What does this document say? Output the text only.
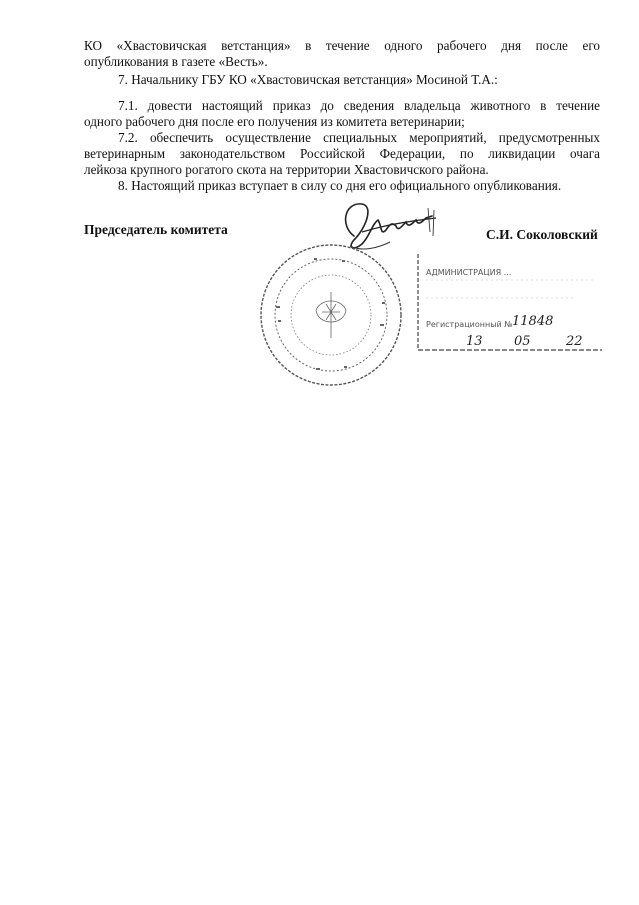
КО «Хвастовичская ветстанция» в течение одного рабочего дня после его

опубликования в газете «Весть».

7. Начальнику ГБУ КО «Хвастовичская ветстанция» Мосиной Т.А.:

7.1. довести настоящий приказ до сведения владельца животного в течение

одного рабочего дня после его получения из комитета ветеринарии;

7.2. обеспечить осуществление специальных мероприятий, предусмотренных

ветеринарным законодательством Российской Федерации, по ликвидации очага

лейкоза крупного рогатого скота на территории Хвастовичского района.

8. Настоящий приказ вступает в силу со дня его официального опубликования.

Председатель комитета	С.И. Соколовский
АДМИНИСТРАЦИЯ ...
Регистрационный № 11848
13 05	22
